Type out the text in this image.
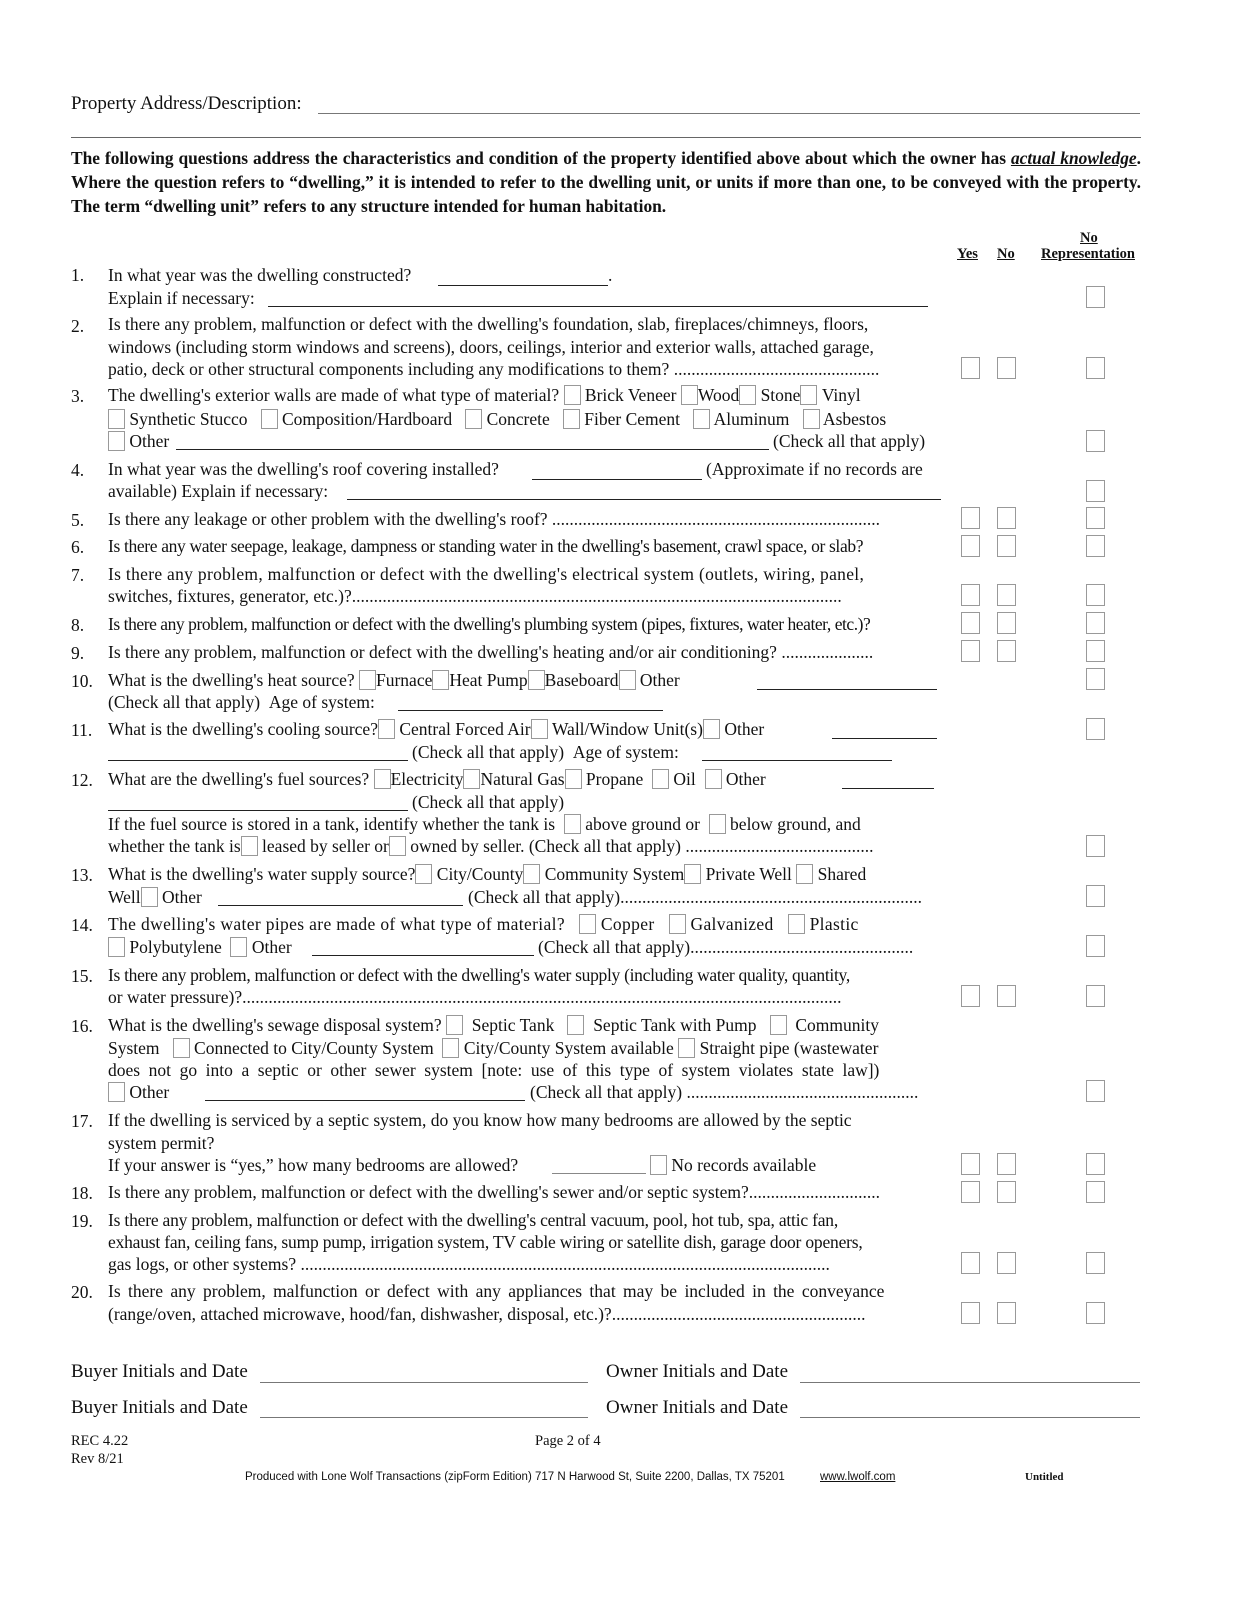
Property Address/Description:
The following questions address the characteristics and condition of the property identified above about which the owner has actual knowledge. Where the question refers to “dwelling,” it is intended to refer to the dwelling unit, or units if more than one, to be conveyed with the property. The term “dwelling unit” refers to any structure intended for human habitation.
Yes No
No
Representation
1. In what year was the dwelling constructed?	.
Explain if necessary:
2. Is there any problem, malfunction or defect with the dwelling's foundation, slab, fireplaces/chimneys, floors,
windows (including storm windows and screens), doors, ceilings, interior and exterior walls, attached garage,
patio, deck or other structural components including any modifications to them? ...............................................
3. The dwelling's exterior walls are made of what type of material? Brick Veneer Wood Stone Vinyl
Synthetic Stucco Composition/Hardboard Concrete Fiber Cement Aluminum Asbestos
Other	(Check all that apply)
4. In what year was the dwelling's roof covering installed?	(Approximate if no records are
available) Explain if necessary:
5. Is there any leakage or other problem with the dwelling's roof? ...........................................................................
6. Is there any water seepage, leakage, dampness or standing water in the dwelling's basement, crawl space, or slab?
7. Is there any problem, malfunction or defect with the dwelling's electrical system (outlets, wiring, panel,
switches, fixtures, generator, etc.)?................................................................................................................
8. Is there any problem, malfunction or defect with the dwelling's plumbing system (pipes, fixtures, water heater, etc.)?
9. Is there any problem, malfunction or defect with the dwelling's heating and/or air conditioning? .....................
10. What is the dwelling's heat source? Furnace Heat Pump Baseboard Other
(Check all that apply) Age of system:
11. What is the dwelling's cooling source? Central Forced Air Wall/Window Unit(s) Other
(Check all that apply) Age of system:
12. What are the dwelling's fuel sources? Electricity Natural Gas Propane Oil Other
(Check all that apply)
If the fuel source is stored in a tank, identify whether the tank is above ground or below ground, and
whether the tank is leased by seller or owned by seller. (Check all that apply) ...........................................
13. What is the dwelling's water supply source? City/County Community System Private Well Shared
Well Other	(Check all that apply).....................................................................
14. The dwelling's water pipes are made of what type of material? Copper Galvanized Plastic
Polybutylene Other	(Check all that apply)...................................................
15. Is there any problem, malfunction or defect with the dwelling's water supply (including water quality, quantity,
or water pressure)?.........................................................................................................................................
16. What is the dwelling's sewage disposal system? Septic Tank Septic Tank with Pump Community
System Connected to City/County System City/County System available Straight pipe (wastewater
does not go into a septic or other sewer system [note: use of this type of system violates state law])
Other	(Check all that apply) .....................................................
17. If the dwelling is serviced by a septic system, do you know how many bedrooms are allowed by the septic
system permit?
If your answer is “yes,” how many bedrooms are allowed?	No records available
18. Is there any problem, malfunction or defect with the dwelling's sewer and/or septic system?..............................
19. Is there any problem, malfunction or defect with the dwelling's central vacuum, pool, hot tub, spa, attic fan,
exhaust fan, ceiling fans, sump pump, irrigation system, TV cable wiring or satellite dish, garage door openers,
gas logs, or other systems? .........................................................................................................................
20. Is there any problem, malfunction or defect with any appliances that may be included in the conveyance
(range/oven, attached microwave, hood/fan, dishwasher, disposal, etc.)?..........................................................
Buyer Initials and Date	Owner Initials and Date
Buyer Initials and Date	Owner Initials and Date
REC 4.22
Rev 8/21
Page 2 of 4
Produced with Lone Wolf Transactions (zipForm Edition) 717 N Harwood St, Suite 2200, Dallas, TX 75201	www.lwolf.com	Untitled
